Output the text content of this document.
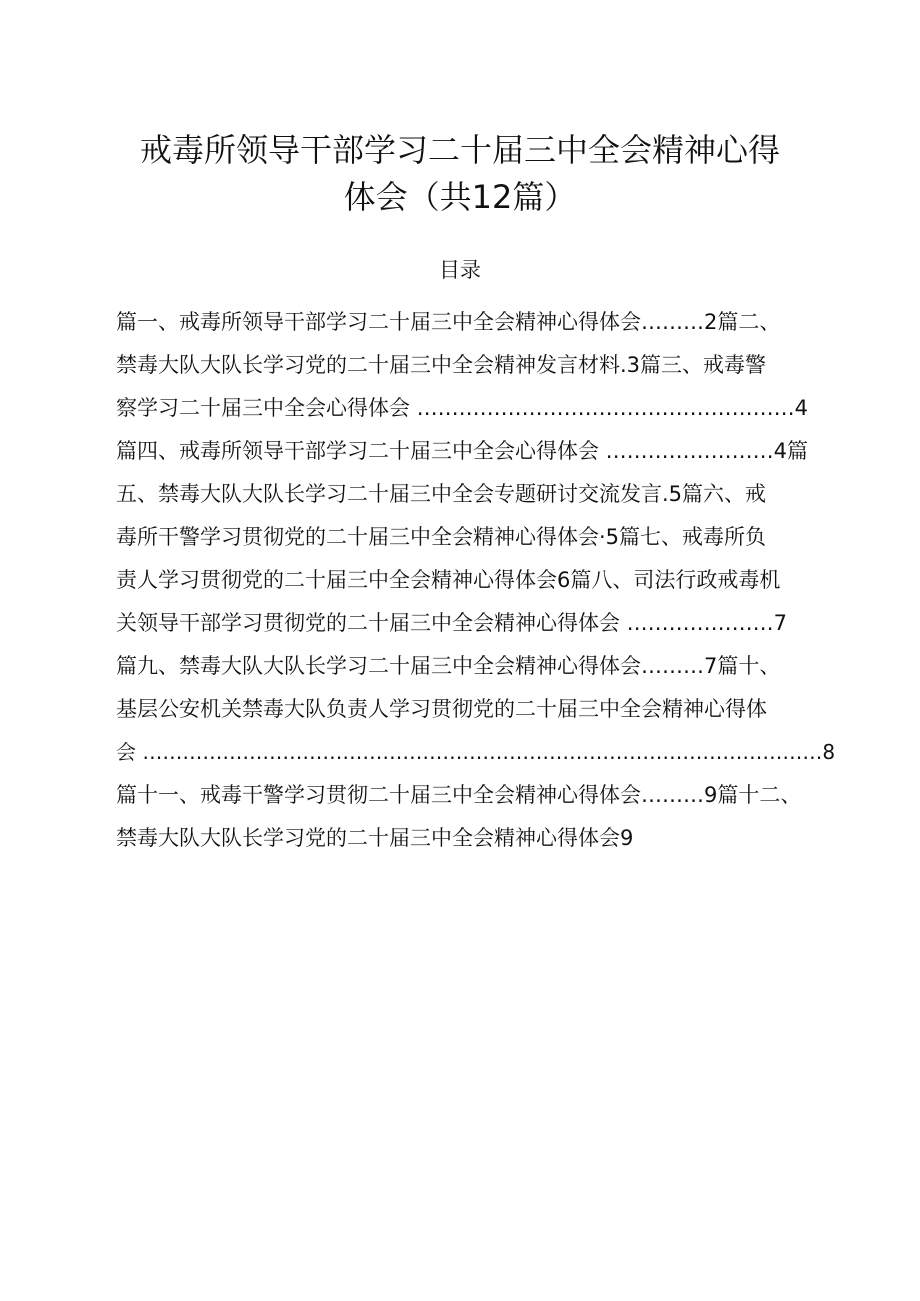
戒毒所领导干部学习二十届三中全会精神心得
体会（共12篇）
目录

篇一、戒毒所领导干部学习二十届三中全会精神心得体会………2篇二、

禁毒大队大队长学习党的二十届三中全会精神发言材料.3篇三、戒毒警

察学习二十届三中全会心得体会 ………………………………………………4

篇四、戒毒所领导干部学习二十届三中全会心得体会 ……………………4篇

五、禁毒大队大队长学习二十届三中全会专题研讨交流发言.5篇六、戒

毒所干警学习贯彻党的二十届三中全会精神心得体会·5篇七、戒毒所负

责人学习贯彻党的二十届三中全会精神心得体会6篇八、司法行政戒毒机

关领导干部学习贯彻党的二十届三中全会精神心得体会 …………………7

篇九、禁毒大队大队长学习二十届三中全会精神心得体会………7篇十、

基层公安机关禁毒大队负责人学习贯彻党的二十届三中全会精神心得体

会 …………………………………………………………………………………………8

篇十一、戒毒干警学习贯彻二十届三中全会精神心得体会………9篇十二、

禁毒大队大队长学习党的二十届三中全会精神心得体会9
